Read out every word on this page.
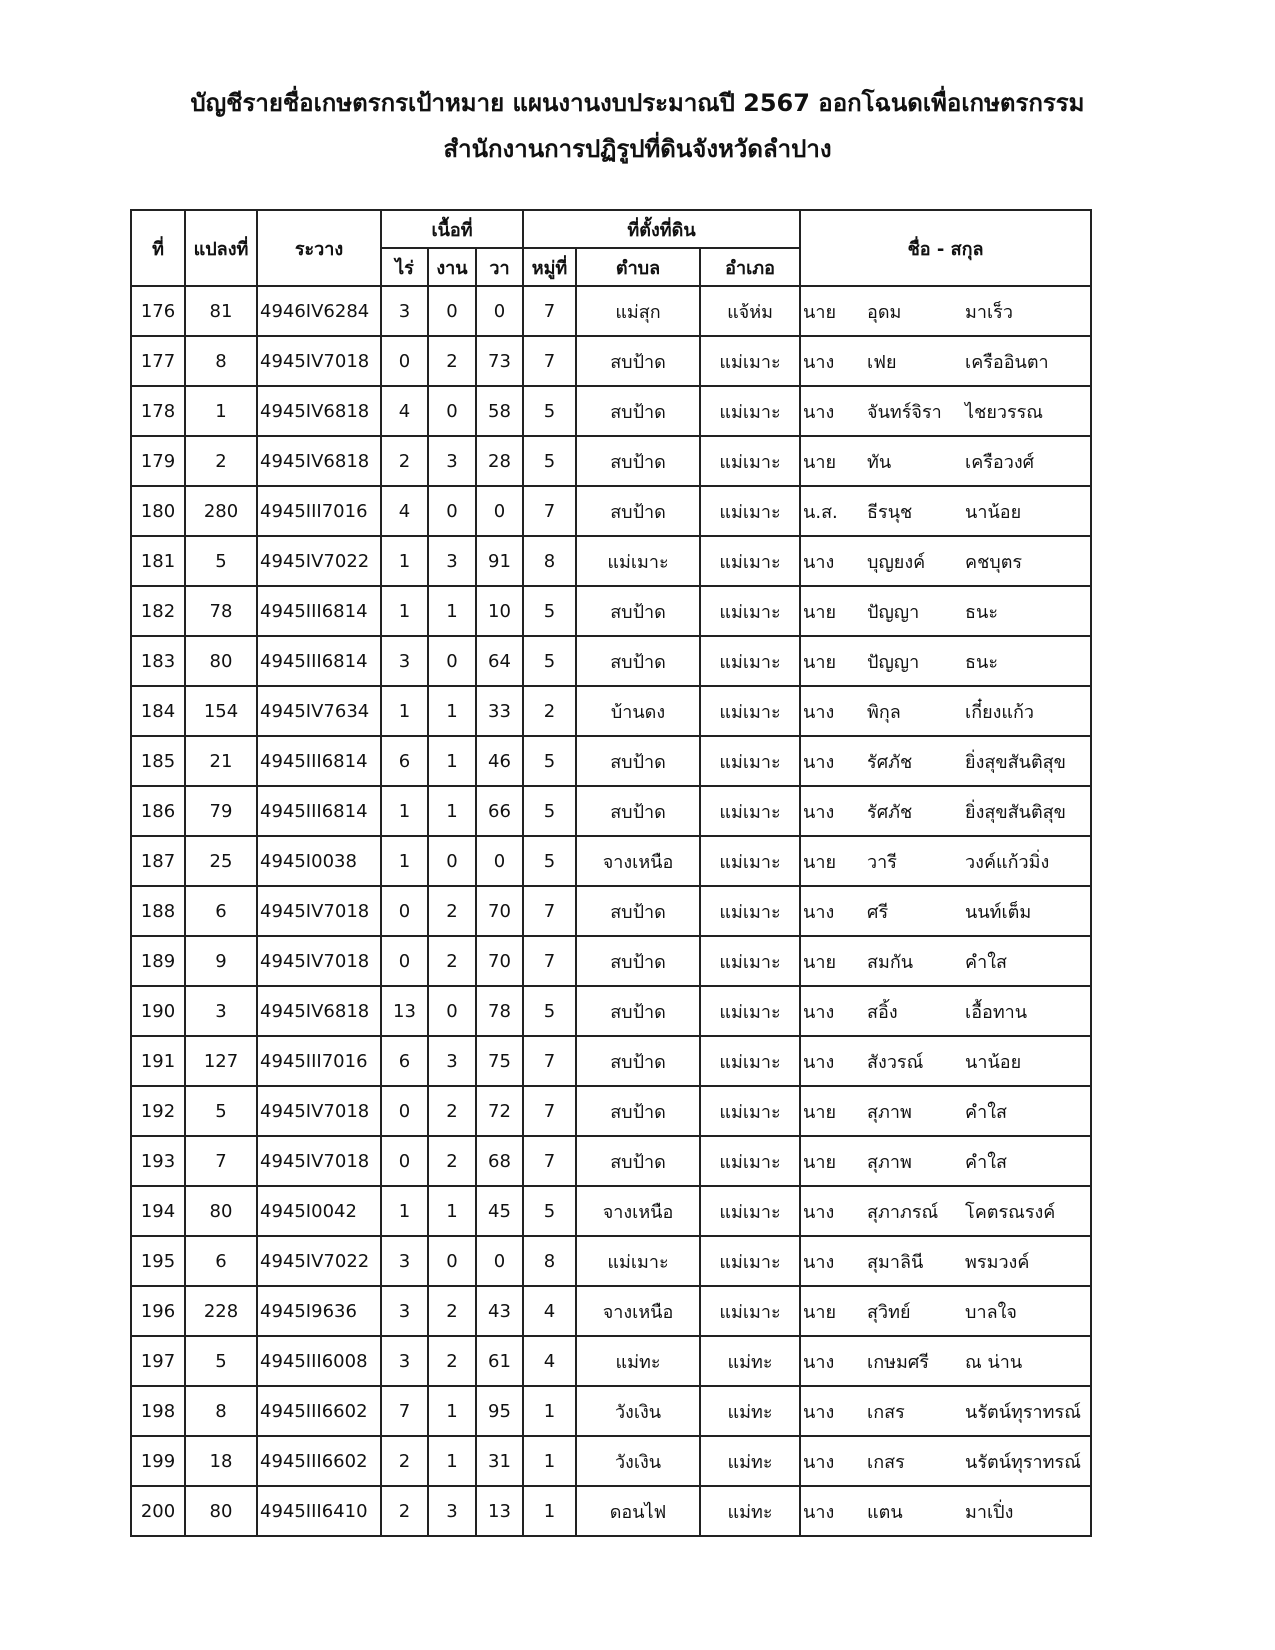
บัญชีรายชื่อเกษตรกรเป้าหมาย แผนงานงบประมาณปี 2567 ออกโฉนดเพื่อเกษตรกรรม
สำนักงานการปฏิรูปที่ดินจังหวัดลำปาง
ที่	แปลงที่	ระวาง	เนื้อที่			ที่ตั้งที่ดิน			ชื่อ - สกุล
			ไร่	งาน	วา	หมู่ที่	ตำบล	อำเภอ	
176	81	4946IV6284	3	0	0	7	แม่สุก	แจ้ห่ม	นาย อุดม มาเร็ว

177	8	4945IV7018	0	2	73	7	สบป้าด	แม่เมาะ	นาง เฟย เครืออินตา

178	1	4945IV6818	4	0	58	5	สบป้าด	แม่เมาะ	นาง จันทร์จิรา ไชยวรรณ

179	2	4945IV6818	2	3	28	5	สบป้าด	แม่เมาะ	นาย ทัน เครือวงศ์

180	280	4945III7016	4	0	0	7	สบป้าด	แม่เมาะ	น.ส. ธีรนุช นาน้อย

181	5	4945IV7022	1	3	91	8	แม่เมาะ	แม่เมาะ	นาง บุญยงค์ คชบุตร

182	78	4945III6814	1	1	10	5	สบป้าด	แม่เมาะ	นาย ปัญญา ธนะ

183	80	4945III6814	3	0	64	5	สบป้าด	แม่เมาะ	นาย ปัญญา ธนะ

184	154	4945IV7634	1	1	33	2	บ้านดง	แม่เมาะ	นาง พิกุล เกี๋ยงแก้ว

185	21	4945III6814	6	1	46	5	สบป้าด	แม่เมาะ	นาง รัศภัช ยิ่งสุขสันติสุข

186	79	4945III6814	1	1	66	5	สบป้าด	แม่เมาะ	นาง รัศภัช ยิ่งสุขสันติสุข

187	25	4945I0038	1	0	0	5	จางเหนือ	แม่เมาะ	นาย วารี วงค์แก้วมิ่ง

188	6	4945IV7018	0	2	70	7	สบป้าด	แม่เมาะ	นาง ศรี นนท์เต็ม

189	9	4945IV7018	0	2	70	7	สบป้าด	แม่เมาะ	นาย สมกัน คำใส

190	3	4945IV6818	13	0	78	5	สบป้าด	แม่เมาะ	นาง สอิ้ง เอื้อทาน

191	127	4945III7016	6	3	75	7	สบป้าด	แม่เมาะ	นาง สังวรณ์ นาน้อย

192	5	4945IV7018	0	2	72	7	สบป้าด	แม่เมาะ	นาย สุภาพ คำใส

193	7	4945IV7018	0	2	68	7	สบป้าด	แม่เมาะ	นาย สุภาพ คำใส

194	80	4945I0042	1	1	45	5	จางเหนือ	แม่เมาะ	นาง สุภาภรณ์ โคตรณรงค์

195	6	4945IV7022	3	0	0	8	แม่เมาะ	แม่เมาะ	นาง สุมาลินี พรมวงค์

196	228	4945I9636	3	2	43	4	จางเหนือ	แม่เมาะ	นาย สุวิทย์ บาลใจ

197	5	4945III6008	3	2	61	4	แม่ทะ	แม่ทะ	นาง เกษมศรี ณ น่าน

198	8	4945III6602	7	1	95	1	วังเงิน	แม่ทะ	นาง เกสร นรัตน์ทุราทรณ์

199	18	4945III6602	2	1	31	1	วังเงิน	แม่ทะ	นาง เกสร นรัตน์ทุราทรณ์

200	80	4945III6410	2	3	13	1	ดอนไฟ	แม่ทะ	นาง แตน มาเปิ่ง
